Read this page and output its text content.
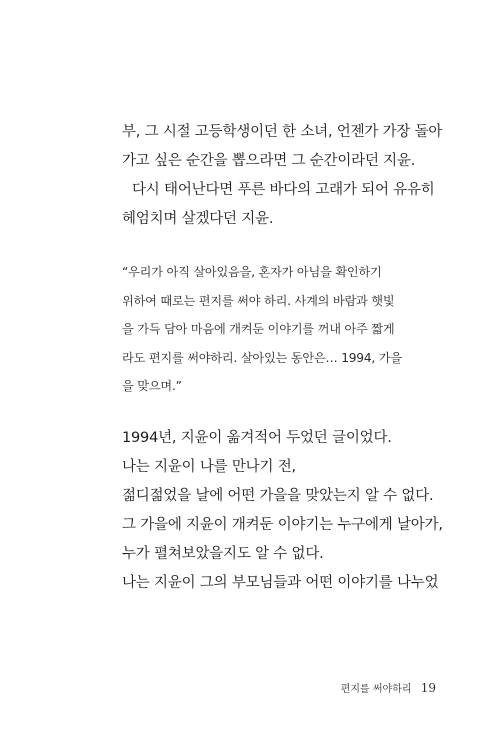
부, 그 시절 고등학생이던 한 소녀, 언젠가 가장 돌아
가고 싶은 순간을 뽑으라면 그 순간이라던 지윤.

다시 태어난다면 푸른 바다의 고래가 되어 유유히
헤엄치며 살겠다던 지윤.

“우리가 아직 살아있음을, 혼자가 아님을 확인하기
위하여 때로는 편지를 써야 하리. 사계의 바람과 햇빛
을 가득 담아 마음에 개켜둔 이야기를 꺼내 아주 짧게
라도 편지를 써야하리. 살아있는 동안은… 1994, 가을
을 맞으며.”

1994년, 지윤이 옮겨적어 두었던 글이었다.
나는 지윤이 나를 만나기 전,
젊디젊었을 날에 어떤 가을을 맞았는지 알 수 없다.
그 가을에 지윤이 개켜둔 이야기는 누구에게 날아가,
누가 펼쳐보았을지도 알 수 없다.
나는 지윤이 그의 부모님들과 어떤 이야기를 나누었

편지를 써야하리 19
